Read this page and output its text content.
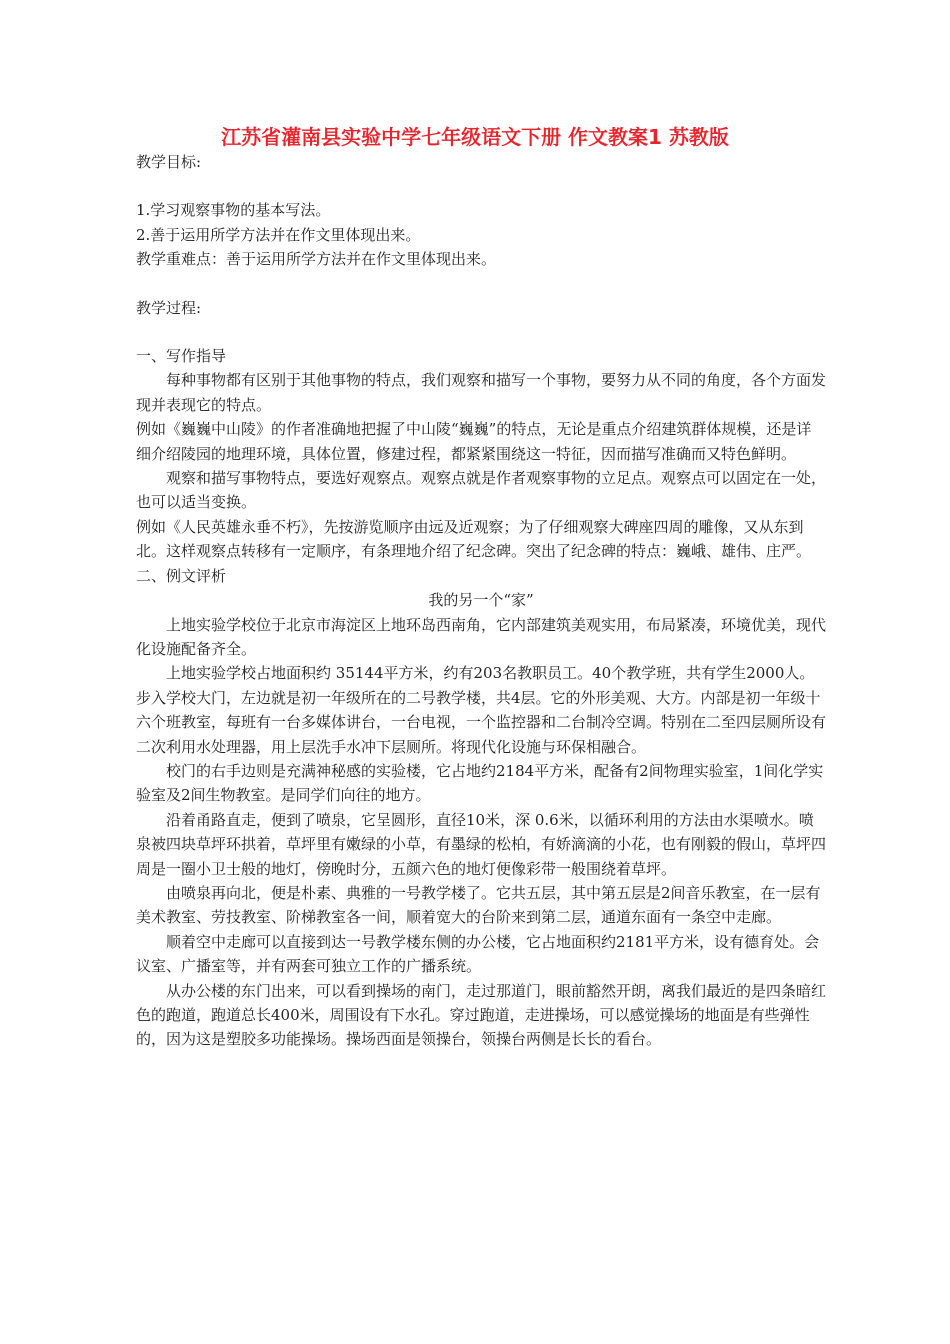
江苏省灌南县实验中学七年级语文下册 作文教案1 苏教版

教学目标:

1.学习观察事物的基本写法。

2.善于运用所学方法并在作文里体现出来。

教学重难点：善于运用所学方法并在作文里体现出来。

教学过程:

一、写作指导

每种事物都有区别于其他事物的特点，我们观察和描写一个事物，要努力从不同的角度，各个方面发现并表现它的特点。

例如《巍巍中山陵》的作者准确地把握了中山陵“巍巍”的特点，无论是重点介绍建筑群体规模，还是详细介绍陵园的地理环境，具体位置，修建过程，都紧紧围绕这一特征，因而描写准确而又特色鲜明。

观察和描写事物特点，要选好观察点。观察点就是作者观察事物的立足点。观察点可以固定在一处，也可以适当变换。

例如《人民英雄永垂不朽》，先按游览顺序由远及近观察；为了仔细观察大碑座四周的雕像，又从东到北。这样观察点转移有一定顺序，有条理地介绍了纪念碑。突出了纪念碑的特点：巍峨、雄伟、庄严。

二、例文评析

我的另一个“家”

上地实验学校位于北京市海淀区上地环岛西南角，它内部建筑美观实用，布局紧凑，环境优美，现代化设施配备齐全。

上地实验学校占地面积约 35144平方米，约有203名教职员工。40个教学班，共有学生2000人。 步入学校大门，左边就是初一年级所在的二号教学楼，共4层。它的外形美观、大方。内部是初一年级十六个班教室，每班有一台多媒体讲台，一台电视，一个监控器和二台制冷空调。特别在二至四层厕所设有二次利用水处理器，用上层洗手水冲下层厕所。将现代化设施与环保相融合。

校门的右手边则是充满神秘感的实验楼，它占地约2184平方米，配备有2间物理实验室，1间化学实验室及2间生物教室。是同学们向往的地方。

沿着甬路直走，便到了喷泉，它呈圆形，直径10米，深 0.6米，以循环利用的方法由水渠喷水。喷泉被四块草坪环拱着，草坪里有嫩绿的小草，有墨绿的松柏，有娇滴滴的小花，也有刚毅的假山，草坪四周是一圈小卫士般的地灯，傍晚时分，五颜六色的地灯便像彩带一般围绕着草坪。

由喷泉再向北，便是朴素、典雅的一号教学楼了。它共五层，其中第五层是2间音乐教室，在一层有美术教室、劳技教室、阶梯教室各一间，顺着宽大的台阶来到第二层，通道东面有一条空中走廊。

顺着空中走廊可以直接到达一号教学楼东侧的办公楼，它占地面积约2181平方米，设有德育处。会议室、广播室等，并有两套可独立工作的广播系统。

从办公楼的东门出来，可以看到操场的南门，走过那道门，眼前豁然开朗，离我们最近的是四条暗红色的跑道，跑道总长400米，周围设有下水孔。穿过跑道，走进操场，可以感觉操场的地面是有些弹性的，因为这是塑胶多功能操场。操场西面是领操台，领操台两侧是长长的看台。
